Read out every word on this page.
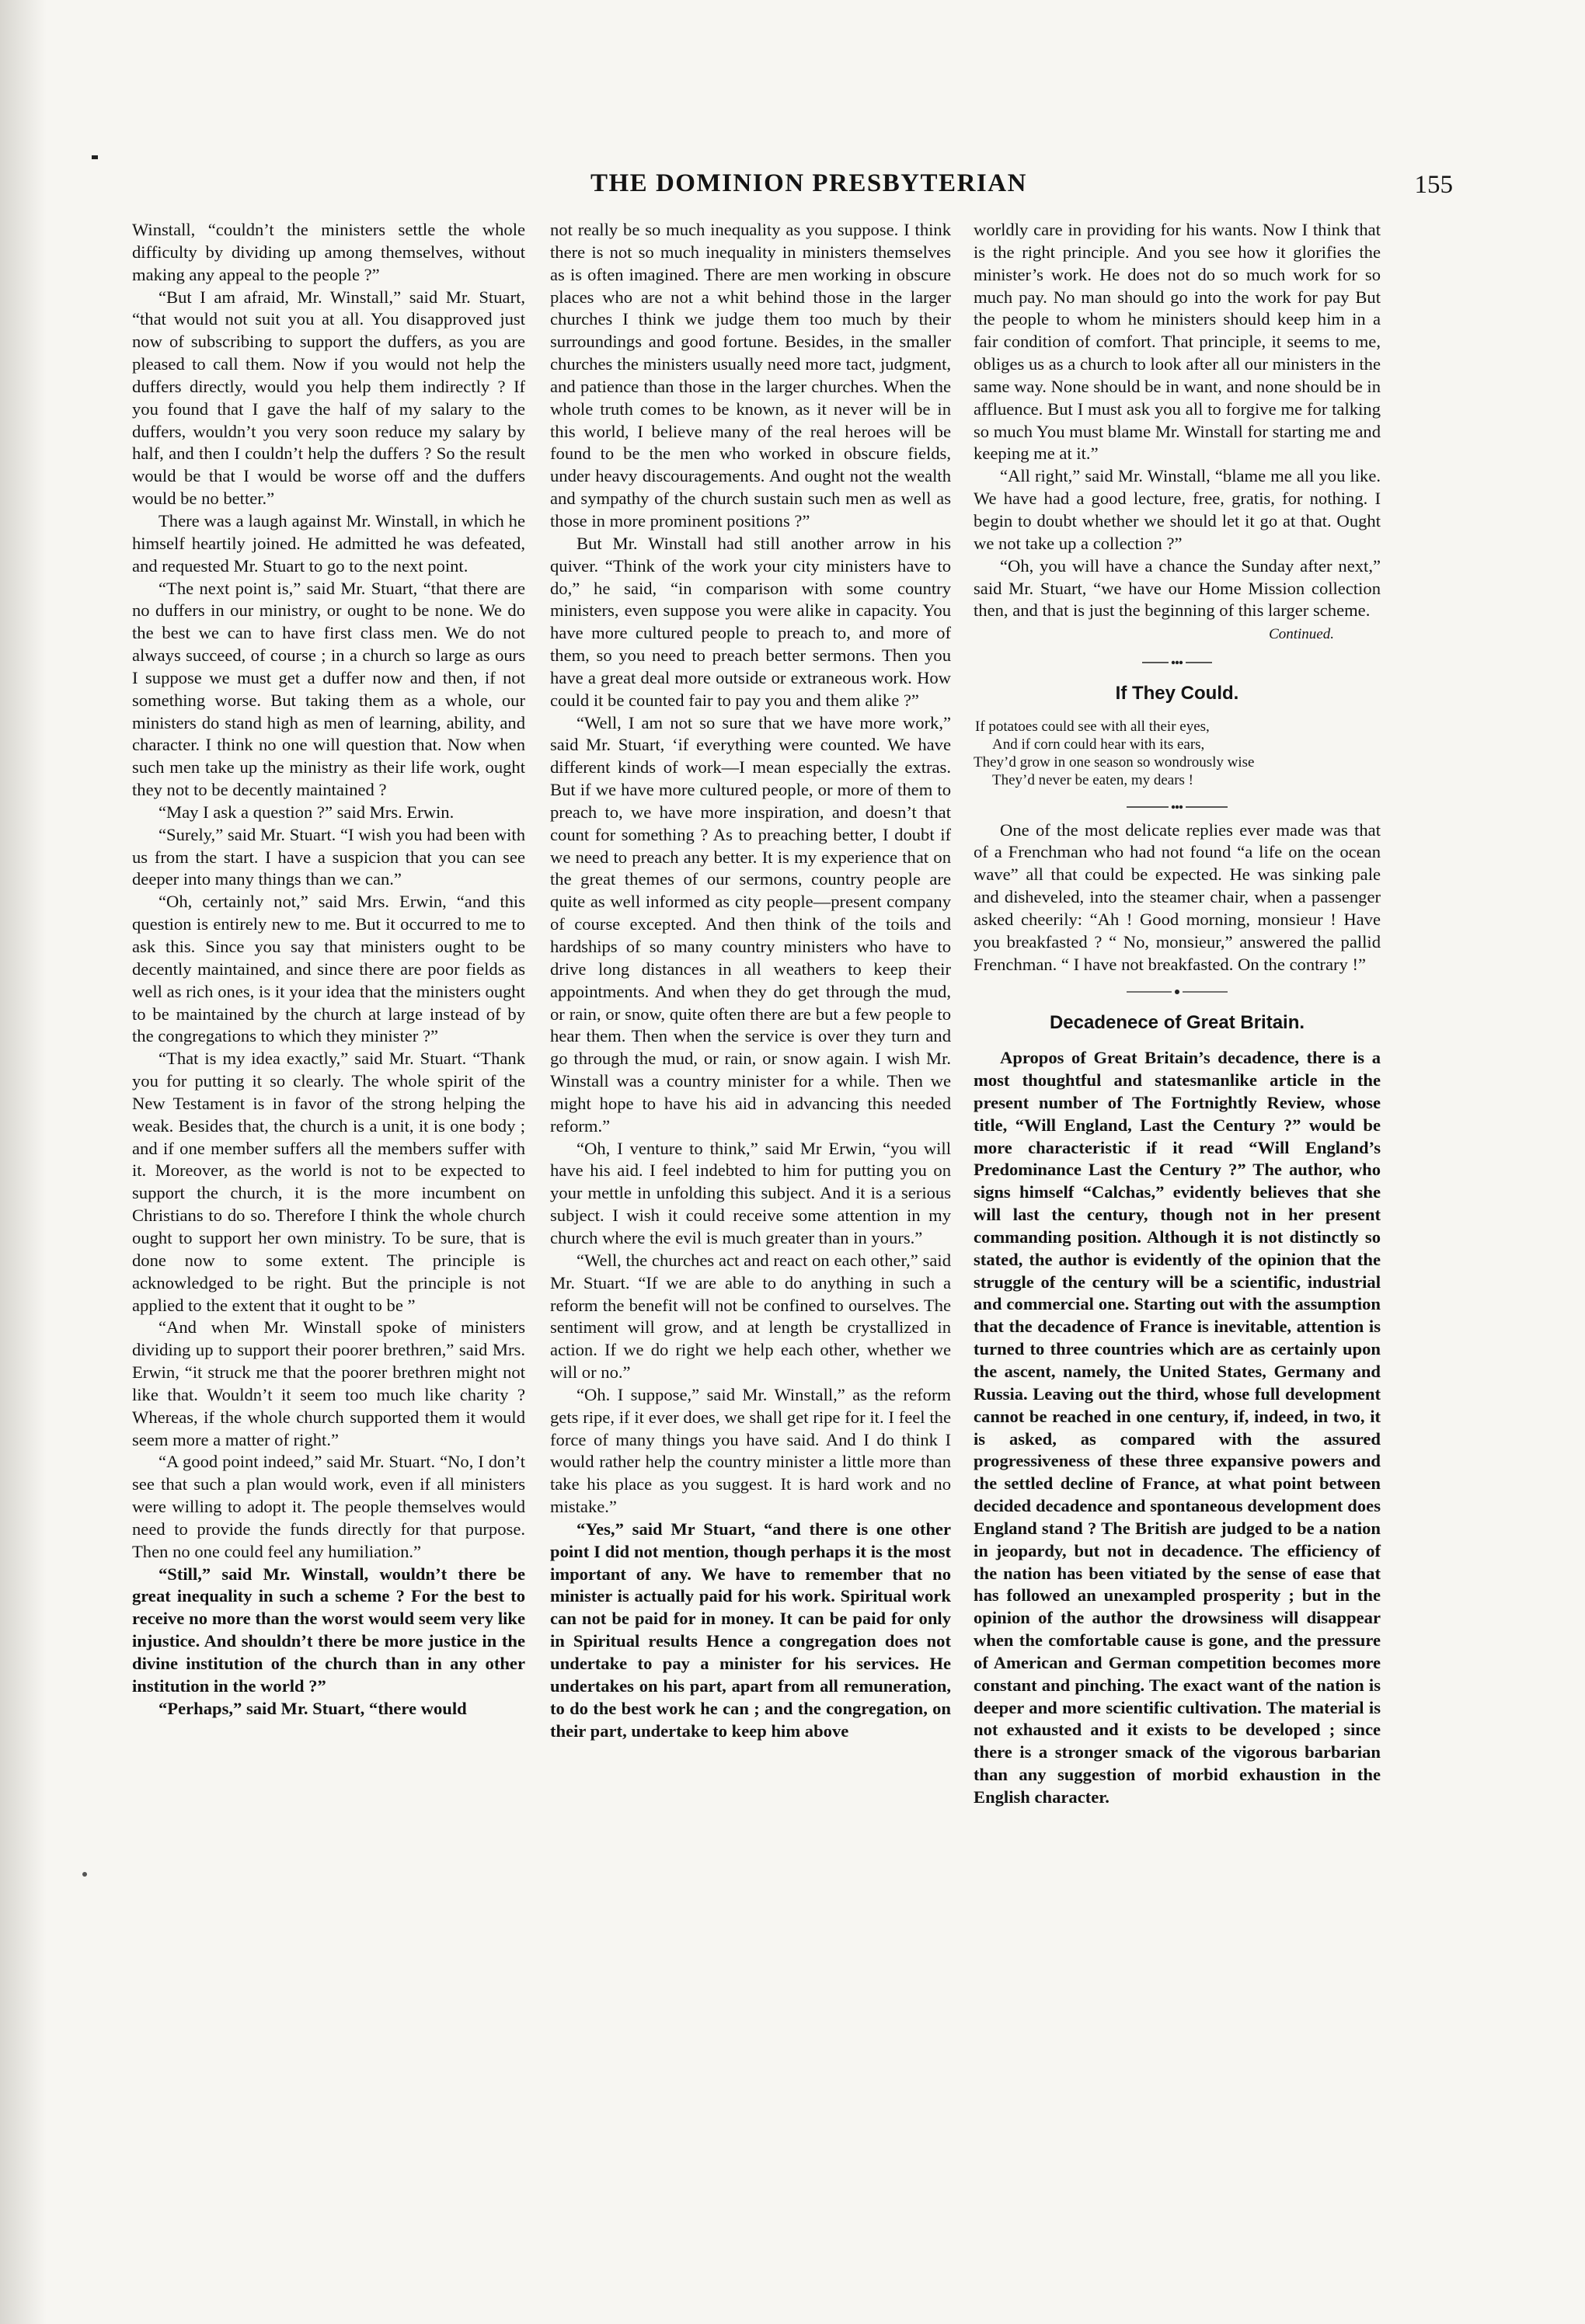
THE DOMINION PRESBYTERIAN	155

Winstall, “couldn’t the ministers settle the whole difficulty by dividing up among themselves, without making any appeal to the people ?”

“But I am afraid, Mr. Winstall,” said Mr. Stuart, “that would not suit you at all. You disapproved just now of subscribing to support the duffers, as you are pleased to call them. Now if you would not help the duffers directly, would you help them indirectly ? If you found that I gave the half of my salary to the duffers, wouldn’t you very soon reduce my salary by half, and then I couldn’t help the duffers ? So the result would be that I would be worse off and the duffers would be no better.”

There was a laugh against Mr. Winstall, in which he himself heartily joined. He admitted he was defeated, and requested Mr. Stuart to go to the next point.

“The next point is,” said Mr. Stuart, “that there are no duffers in our ministry, or ought to be none. We do the best we can to have first class men. We do not always succeed, of course ; in a church so large as ours I suppose we must get a duffer now and then, if not something worse. But taking them as a whole, our ministers do stand high as men of learning, ability, and character. I think no one will question that. Now when such men take up the ministry as their life work, ought they not to be decently maintained ?

“May I ask a question ?” said Mrs. Erwin.

“Surely,” said Mr. Stuart. “I wish you had been with us from the start. I have a suspicion that you can see deeper into many things than we can.”

“Oh, certainly not,” said Mrs. Erwin, “and this question is entirely new to me. But it occurred to me to ask this. Since you say that ministers ought to be decently maintained, and since there are poor fields as well as rich ones, is it your idea that the ministers ought to be maintained by the church at large instead of by the congregations to which they minister ?”

“That is my idea exactly,” said Mr. Stuart. “Thank you for putting it so clearly. The whole spirit of the New Testament is in favor of the strong helping the weak. Besides that, the church is a unit, it is one body ; and if one member suffers all the members suffer with it. Moreover, as the world is not to be expected to support the church, it is the more incumbent on Christians to do so. Therefore I think the whole church ought to support her own ministry. To be sure, that is done now to some extent. The principle is acknowledged to be right. But the principle is not applied to the extent that it ought to be ”

“And when Mr. Winstall spoke of ministers dividing up to support their poorer brethren,” said Mrs. Erwin, “it struck me that the poorer brethren might not like that. Wouldn’t it seem too much like charity ? Whereas, if the whole church supported them it would seem more a matter of right.”

“A good point indeed,” said Mr. Stuart. “No, I don’t see that such a plan would work, even if all ministers were willing to adopt it. The people themselves would need to provide the funds directly for that purpose. Then no one could feel any humiliation.”

“Still,” said Mr. Winstall, wouldn’t there be great inequality in such a scheme ? For the best to receive no more than the worst would seem very like injustice. And shouldn’t there be more justice in the divine institution of the church than in any other institution in the world ?”

“Perhaps,” said Mr. Stuart, “there would

not really be so much inequality as you suppose. I think there is not so much inequality in ministers themselves as is often imagined. There are men working in obscure places who are not a whit behind those in the larger churches I think we judge them too much by their surroundings and good fortune. Besides, in the smaller churches the ministers usually need more tact, judgment, and patience than those in the larger churches. When the whole truth comes to be known, as it never will be in this world, I believe many of the real heroes will be found to be the men who worked in obscure fields, under heavy discouragements. And ought not the wealth and sympathy of the church sustain such men as well as those in more prominent positions ?”

But Mr. Winstall had still another arrow in his quiver. “Think of the work your city ministers have to do,” he said, “in comparison with some country ministers, even suppose you were alike in capacity. You have more cultured people to preach to, and more of them, so you need to preach better sermons. Then you have a great deal more outside or extraneous work. How could it be counted fair to pay you and them alike ?”

“Well, I am not so sure that we have more work,” said Mr. Stuart, ‘if everything were counted. We have different kinds of work—I mean especially the extras. But if we have more cultured people, or more of them to preach to, we have more inspiration, and doesn’t that count for something ? As to preaching better, I doubt if we need to preach any better. It is my experience that on the great themes of our sermons, country people are quite as well informed as city people—present company of course excepted. And then think of the toils and hardships of so many country ministers who have to drive long distances in all weathers to keep their appointments. And when they do get through the mud, or rain, or snow, quite often there are but a few people to hear them. Then when the service is over they turn and go through the mud, or rain, or snow again. I wish Mr. Winstall was a country minister for a while. Then we might hope to have his aid in advancing this needed reform.”

“Oh, I venture to think,” said Mr Erwin, “you will have his aid. I feel indebted to him for putting you on your mettle in unfolding this subject. And it is a serious subject. I wish it could receive some attention in my church where the evil is much greater than in yours.”

“Well, the churches act and react on each other,” said Mr. Stuart. “If we are able to do anything in such a reform the benefit will not be confined to ourselves. The sentiment will grow, and at length be crystallized in action. If we do right we help each other, whether we will or no.”

“Oh. I suppose,” said Mr. Winstall,” as the reform gets ripe, if it ever does, we shall get ripe for it. I feel the force of many things you have said. And I do think I would rather help the country minister a little more than take his place as you suggest. It is hard work and no mistake.”

“Yes,” said Mr Stuart, “and there is one other point I did not mention, though perhaps it is the most important of any. We have to remember that no minister is actually paid for his work. Spiritual work can not be paid for in money. It can be paid for only in Spiritual results Hence a congregation does not undertake to pay a minister for his services. He undertakes on his part, apart from all remuneration, to do the best work he can ; and the congregation, on their part, undertake to keep him above

worldly care in providing for his wants. Now I think that is the right principle. And you see how it glorifies the minister’s work. He does not do so much work for so much pay. No man should go into the work for pay But the people to whom he ministers should keep him in a fair condition of comfort. That principle, it seems to me, obliges us as a church to look after all our ministers in the same way. None should be in want, and none should be in affluence. But I must ask you all to forgive me for talking so much You must blame Mr. Winstall for starting me and keeping me at it.”

“All right,” said Mr. Winstall, “blame me all you like. We have had a good lecture, free, gratis, for nothing. I begin to doubt whether we should let it go at that. Ought we not take up a collection ?”

“Oh, you will have a chance the Sunday after next,” said Mr. Stuart, “we have our Home Mission collection then, and that is just the beginning of this larger scheme.

Continued.
If They Could.
If potatoes could see with all their eyes,
And if corn could hear with its ears,
They’d grow in one season so wondrously wise
They’d never be eaten, my dears !

One of the most delicate replies ever made was that of a Frenchman who had not found “a life on the ocean wave” all that could be expected. He was sinking pale and disheveled, into the steamer chair, when a passenger asked cheerily: “Ah ! Good morning, monsieur ! Have you breakfasted ? “ No, monsieur,” answered the pallid Frenchman. “ I have not breakfasted. On the contrary !”

Decadenece of Great Britain.

Apropos of Great Britain’s decadence, there is a most thoughtful and statesmanlike article in the present number of The Fortnightly Review, whose title, “Will England, Last the Century ?” would be more characteristic if it read “Will England’s Predominance Last the Century ?” The author, who signs himself “Calchas,” evidently believes that she will last the century, though not in her present commanding position. Although it is not distinctly so stated, the author is evidently of the opinion that the struggle of the century will be a scientific, industrial and commercial one. Starting out with the assumption that the decadence of France is inevitable, attention is turned to three countries which are as certainly upon the ascent, namely, the United States, Germany and Russia. Leaving out the third, whose full development cannot be reached in one century, if, indeed, in two, it is asked, as compared with the assured progressiveness of these three expansive powers and the settled decline of France, at what point between decided decadence and spontaneous development does England stand ? The British are judged to be a nation in jeopardy, but not in decadence. The efficiency of the nation has been vitiated by the sense of ease that has followed an unexampled prosperity ; but in the opinion of the author the drowsiness will disappear when the comfortable cause is gone, and the pressure of American and German competition becomes more constant and pinching. The exact want of the nation is deeper and more scientific cultivation. The material is not exhausted and it exists to be developed ; since there is a stronger smack of the vigorous barbarian than any suggestion of morbid exhaustion in the English character.
